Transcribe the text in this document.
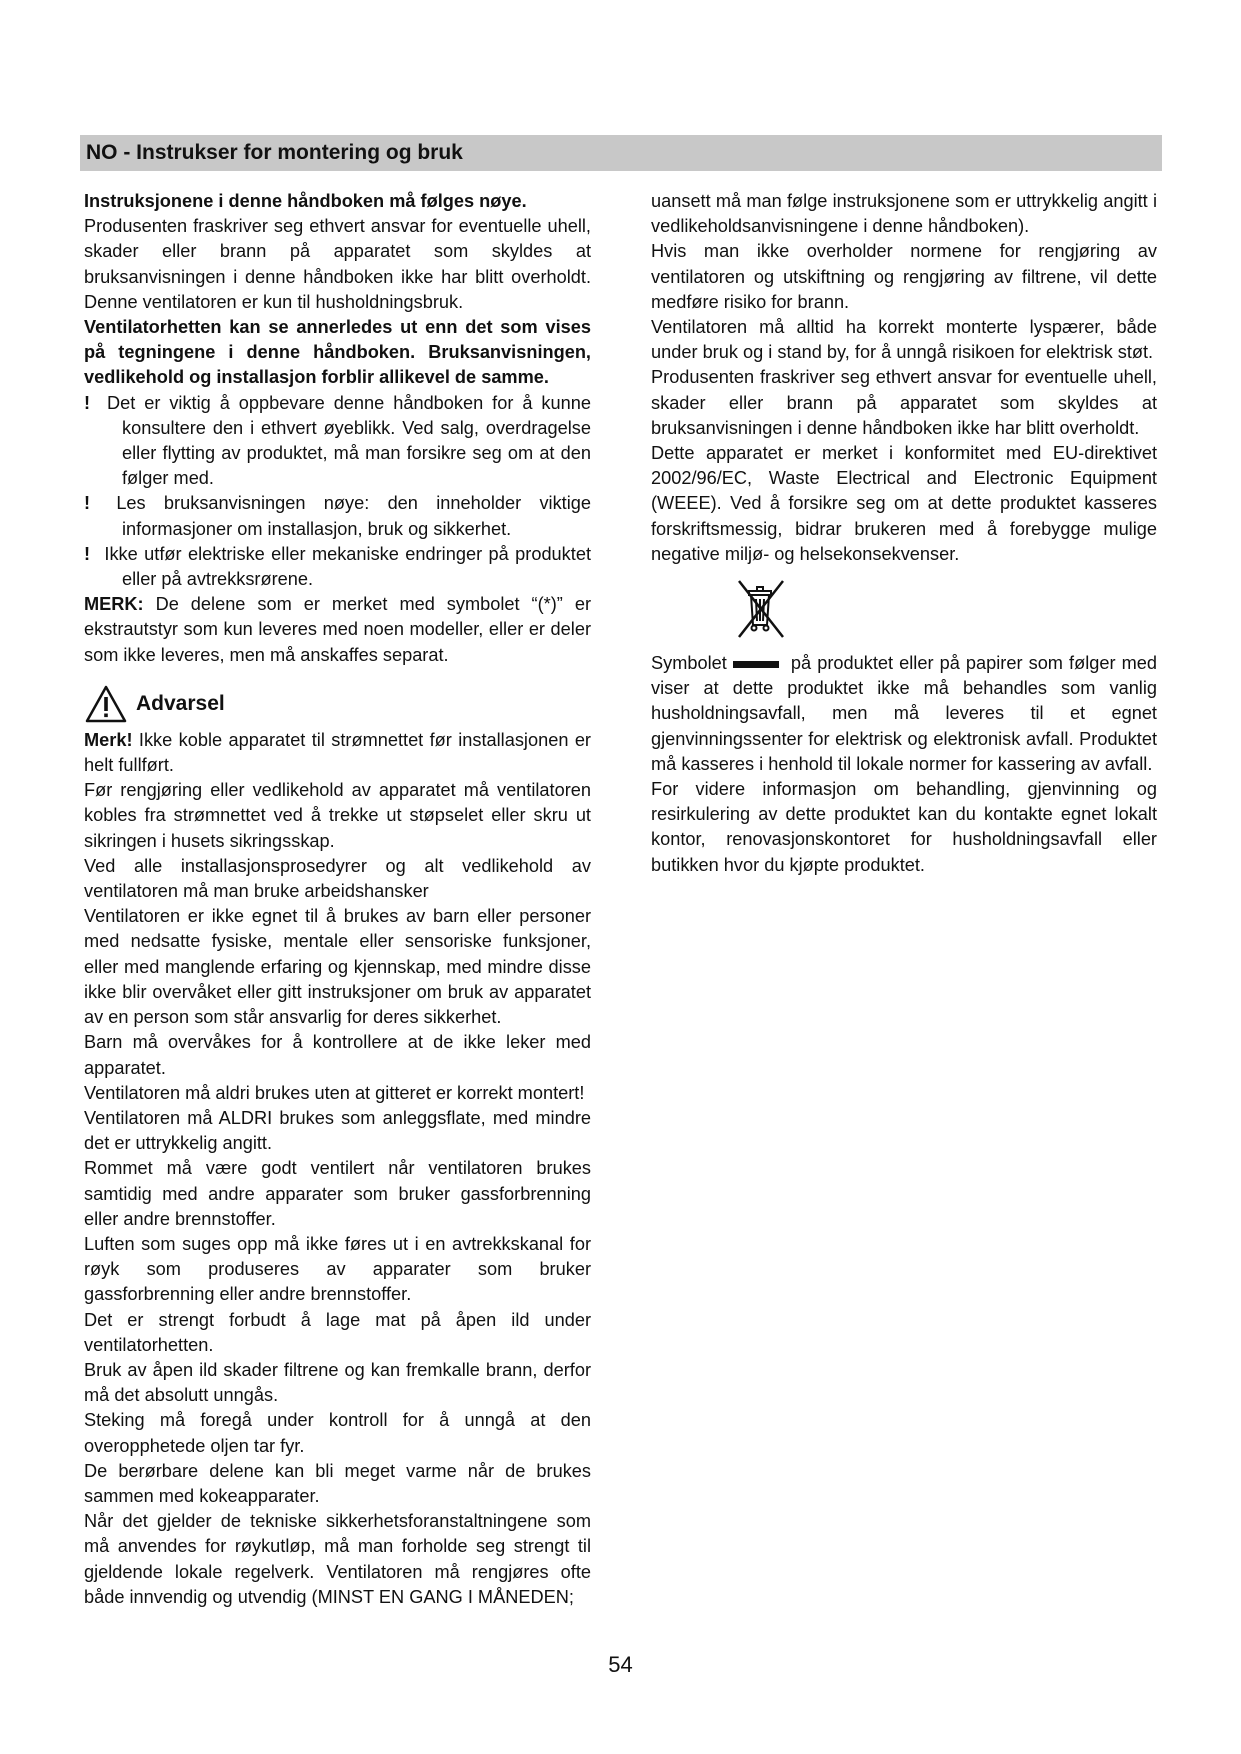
NO - Instrukser for montering og bruk

Instruksjonene i denne håndboken må følges nøye.

Produsenten fraskriver seg ethvert ansvar for eventuelle uhell, skader eller brann på apparatet som skyldes at bruksanvisningen i denne håndboken ikke har blitt overholdt. Denne ventilatoren er kun til husholdningsbruk.

Ventilatorhetten kan se annerledes ut enn det som vises på tegningene i denne håndboken. Bruksanvisningen, vedlikehold og installasjon forblir allikevel de samme.

! Det er viktig å oppbevare denne håndboken for å kunne konsultere den i ethvert øyeblikk. Ved salg, overdragelse eller flytting av produktet, må man forsikre seg om at den følger med.

! Les bruksanvisningen nøye: den inneholder viktige informasjoner om installasjon, bruk og sikkerhet.

! Ikke utfør elektriske eller mekaniske endringer på produktet eller på avtrekksrørene.

MERK: De delene som er merket med symbolet “(*)” er ekstrautstyr som kun leveres med noen modeller, eller er deler som ikke leveres, men må anskaffes separat.

Advarsel

Merk! Ikke koble apparatet til strømnettet før installasjonen er helt fullført.

Før rengjøring eller vedlikehold av apparatet må ventilatoren kobles fra strømnettet ved å trekke ut støpselet eller skru ut sikringen i husets sikringsskap.

Ved alle installasjonsprosedyrer og alt vedlikehold av ventilatoren må man bruke arbeidshansker

Ventilatoren er ikke egnet til å brukes av barn eller personer med nedsatte fysiske, mentale eller sensoriske funksjoner, eller med manglende erfaring og kjennskap, med mindre disse ikke blir overvåket eller gitt instruksjoner om bruk av apparatet av en person som står ansvarlig for deres sikkerhet.

Barn må overvåkes for å kontrollere at de ikke leker med apparatet.

Ventilatoren må aldri brukes uten at gitteret er korrekt montert!

Ventilatoren må ALDRI brukes som anleggsflate, med mindre det er uttrykkelig angitt.

Rommet må være godt ventilert når ventilatoren brukes samtidig med andre apparater som bruker gassforbrenning eller andre brennstoffer.

Luften som suges opp må ikke føres ut i en avtrekkskanal for røyk som produseres av apparater som bruker gassforbrenning eller andre brennstoffer.

Det er strengt forbudt å lage mat på åpen ild under ventilatorhetten.

Bruk av åpen ild skader filtrene og kan fremkalle brann, derfor må det absolutt unngås.

Steking må foregå under kontroll for å unngå at den overopphetede oljen tar fyr.

De berørbare delene kan bli meget varme når de brukes sammen med kokeapparater.

Når det gjelder de tekniske sikkerhetsforanstaltningene som må anvendes for røykutløp, må man forholde seg strengt til gjeldende lokale regelverk. Ventilatoren må rengjøres ofte både innvendig og utvendig (MINST EN GANG I MÅNEDEN;

uansett må man følge instruksjonene som er uttrykkelig angitt i vedlikeholdsanvisningene i denne håndboken).

Hvis man ikke overholder normene for rengjøring av ventilatoren og utskiftning og rengjøring av filtrene, vil dette medføre risiko for brann.

Ventilatoren må alltid ha korrekt monterte lyspærer, både under bruk og i stand by, for å unngå risikoen for elektrisk støt.

Produsenten fraskriver seg ethvert ansvar for eventuelle uhell, skader eller brann på apparatet som skyldes at bruksanvisningen i denne håndboken ikke har blitt overholdt.

Dette apparatet er merket i konformitet med EU-direktivet 2002/96/EC, Waste Electrical and Electronic Equipment (WEEE). Ved å forsikre seg om at dette produktet kasseres forskriftsmessig, bidrar brukeren med å forebygge mulige negative miljø- og helsekonsekvenser.

Symbolet	på produktet eller på papirer som følger med viser at dette produktet ikke må behandles som vanlig husholdningsavfall, men må leveres til et egnet gjenvinningssenter for elektrisk og elektronisk avfall. Produktet må kasseres i henhold til lokale normer for kassering av avfall.

For videre informasjon om behandling, gjenvinning og resirkulering av dette produktet kan du kontakte egnet lokalt kontor, renovasjonskontoret for husholdningsavfall eller butikken hvor du kjøpte produktet.

54
